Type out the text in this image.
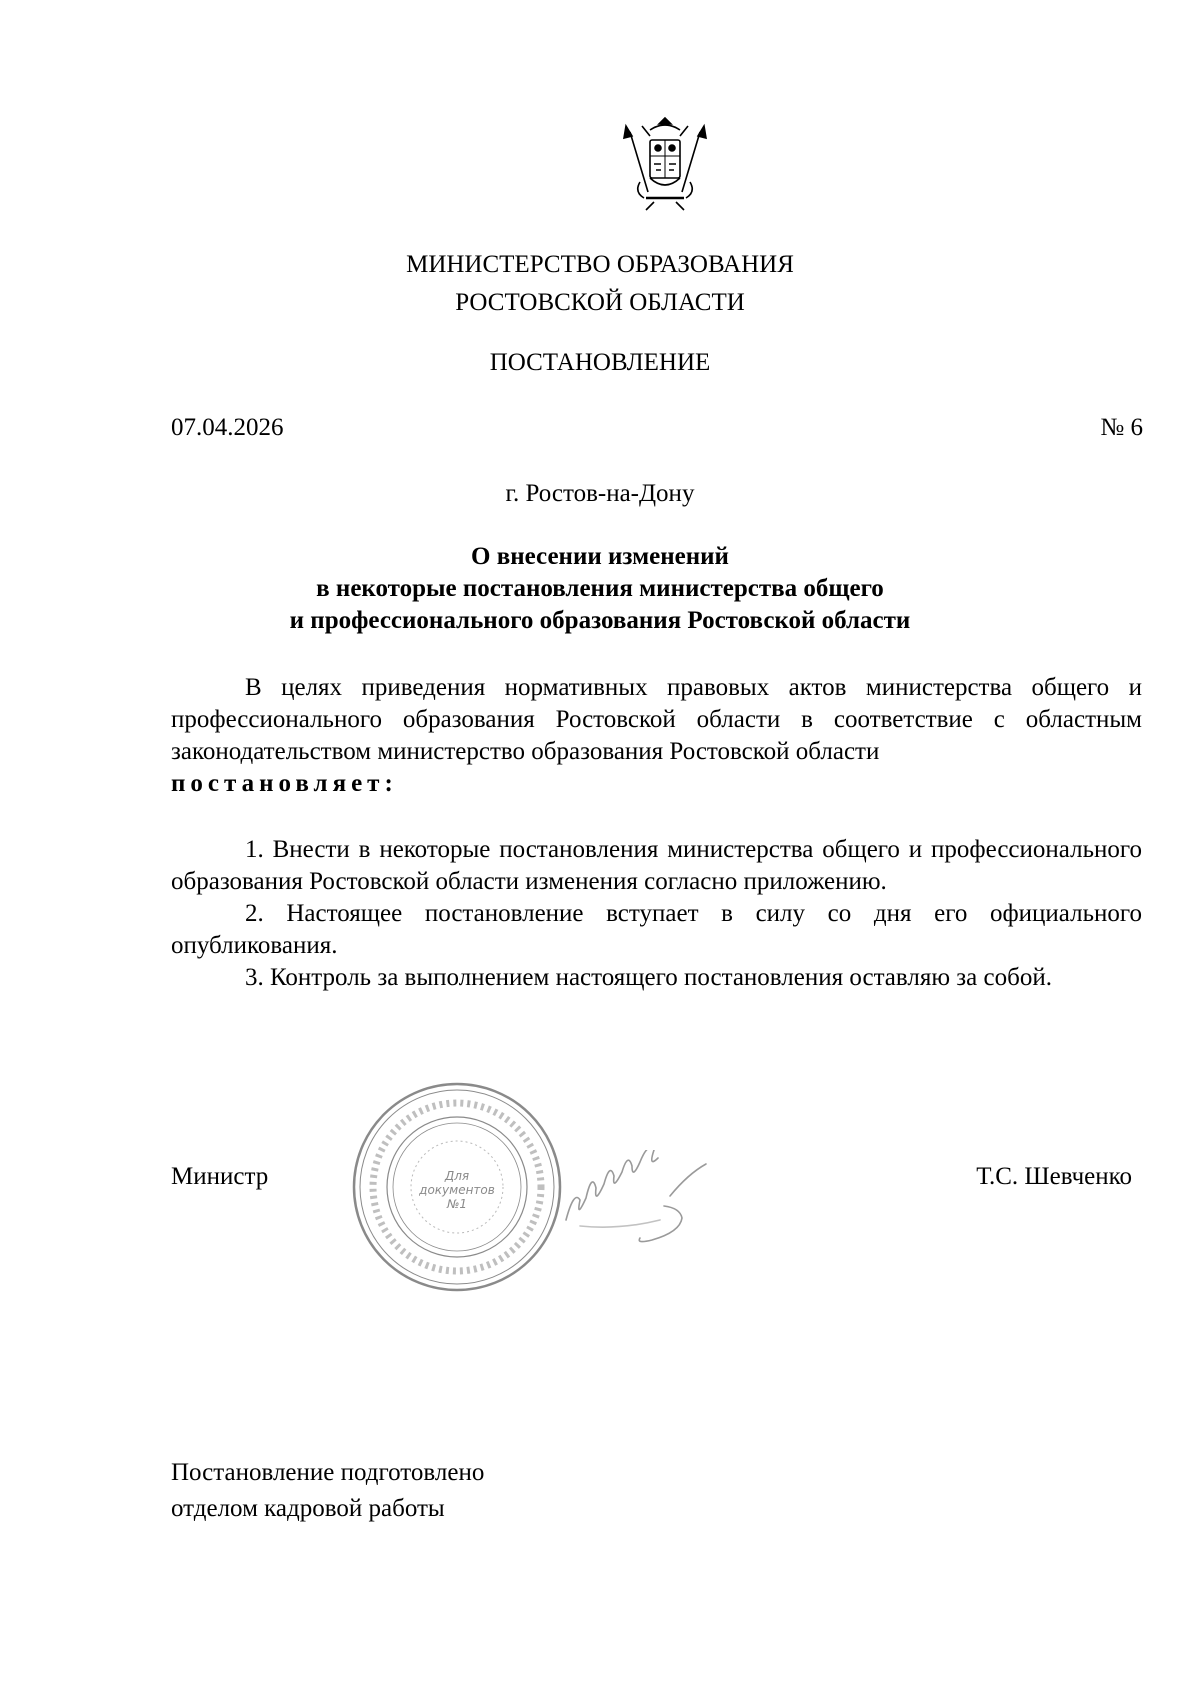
МИНИСТЕРСТВО ОБРАЗОВАНИЯ
РОСТОВСКОЙ ОБЛАСТИ
ПОСТАНОВЛЕНИЕ
07.04.2026	№ 6
г. Ростов-на-Дону
О внесении изменений
в некоторые постановления министерства общего
и профессионального образования Ростовской области

В целях приведения нормативных правовых актов министерства общего и профессионального образования Ростовской области в соответствие с областным законодательством министерство образования Ростовской области
постановляет:

1. Внести в некоторые постановления министерства общего и профессионального образования Ростовской области изменения согласно приложению.
2. Настоящее постановление вступает в силу со дня его официального опубликования.
3. Контроль за выполнением настоящего постановления оставляю за собой.
Министр	Для
документов
№1
Т.С. Шевченко
Постановление подготовлено
отделом кадровой работы
